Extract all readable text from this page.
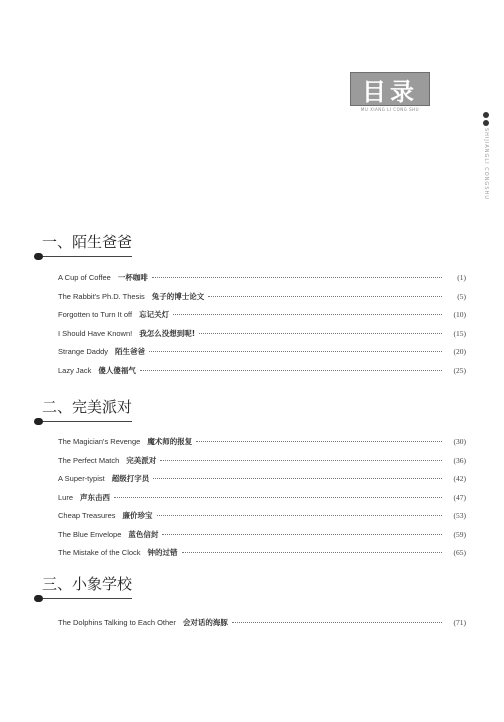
目录
MU XIANG LI CONG SHU
SHIJIANGLI CONGSHU
一、陌生爸爸
A Cup of Coffee 一杯咖啡	(1)
The Rabbit's Ph.D. Thesis 兔子的博士论文	(5)
Forgotten to Turn It off 忘记关灯	(10)
I Should Have Known! 我怎么没想到呢!	(15)
Strange Daddy 陌生爸爸	(20)
Lazy Jack 傻人傻福气	(25)
二、完美派对
The Magician's Revenge 魔术师的报复	(30)
The Perfect Match 完美派对	(36)
A Super-typist 超级打字员	(42)
Lure 声东击西	(47)
Cheap Treasures 廉价珍宝	(53)
The Blue Envelope 蓝色信封	(59)
The Mistake of the Clock 钟的过错	(65)
三、小象学校
The Dolphins Talking to Each Other 会对话的海豚	(71)
